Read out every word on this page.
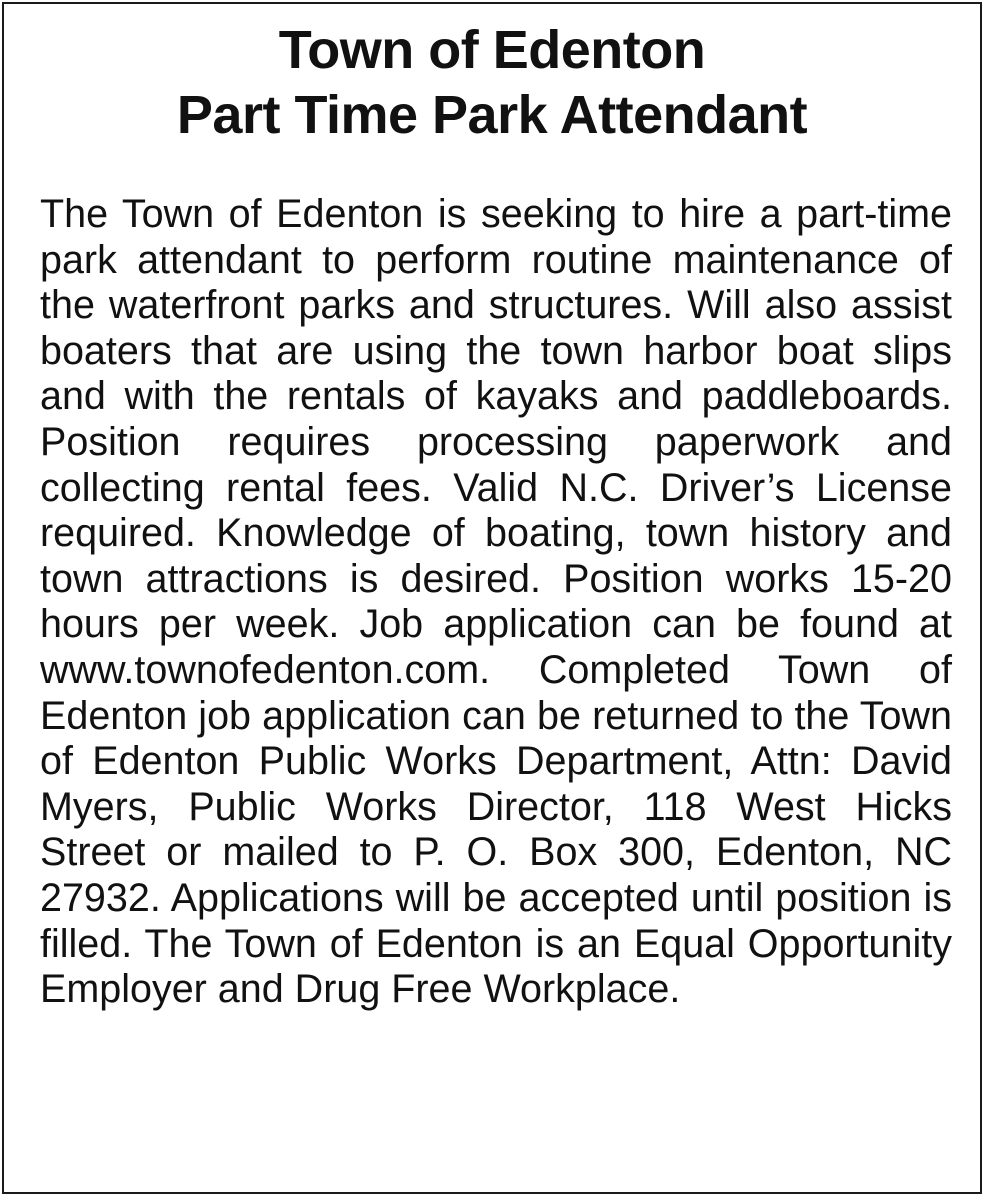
Town of Edenton
Part Time Park Attendant

The Town of Edenton is seeking to hire a part-time park attendant to perform routine maintenance of the waterfront parks and structures. Will also assist boaters that are using the town harbor boat slips and with the rentals of kayaks and paddleboards. Position requires processing paperwork and collecting rental fees. Valid N.C. Driver’s License required. Knowledge of boating, town history and town attractions is desired. Position works 15-20 hours per week. Job application can be found at www.townofedenton.com. Completed Town of Edenton job application can be returned to the Town of Edenton Public Works Department, Attn: David Myers, Public Works Director, 118 West Hicks Street or mailed to P. O. Box 300, Edenton, NC 27932. Applications will be accepted until position is filled. The Town of Edenton is an Equal Opportunity Employer and Drug Free Workplace.
